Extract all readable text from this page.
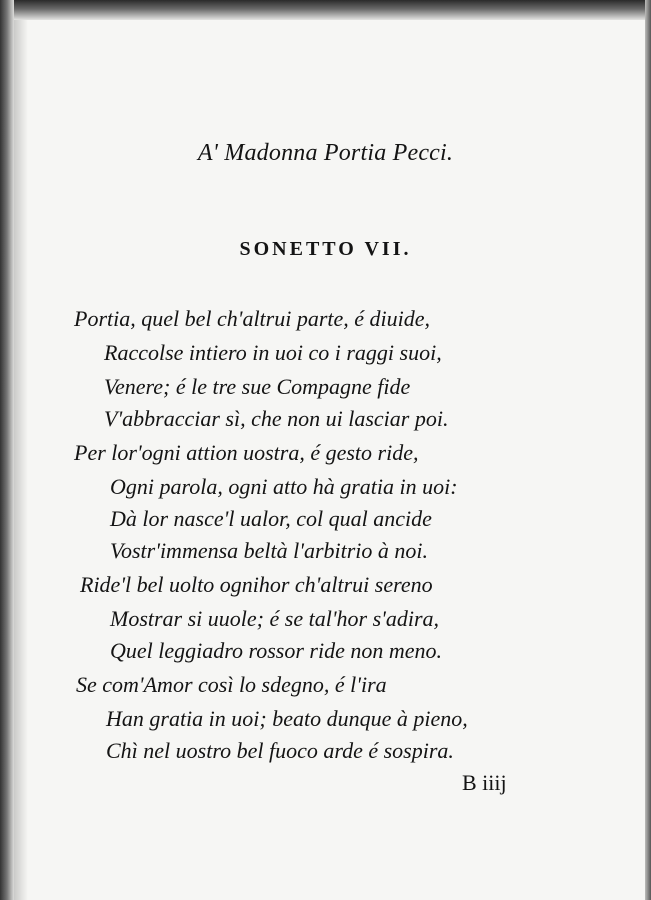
A' Madonna Portia Pecci.
SONETTO VII.
Portia, quel bel ch'altrui parte, é diuide,
Raccolse intiero in uoi co i raggi suoi,
Venere; é le tre sue Compagne fide
V'abbracciar sì, che non ui lasciar poi.
Per lor'ogni attion uostra, é gesto ride,
Ogni parola, ogni atto hà gratia in uoi:
Dà lor nasce'l ualor, col qual ancide
Vostr'immensa beltà l'arbitrio à noi.
Ride'l bel uolto ognihor ch'altrui sereno
Mostrar si uuole; é se tal'hor s'adira,
Quel leggiadro rossor ride non meno.
Se com'Amor così lo sdegno, é l'ira
Han gratia in uoi; beato dunque à pieno,
Chì nel uostro bel fuoco arde é sospira.
B iiij
